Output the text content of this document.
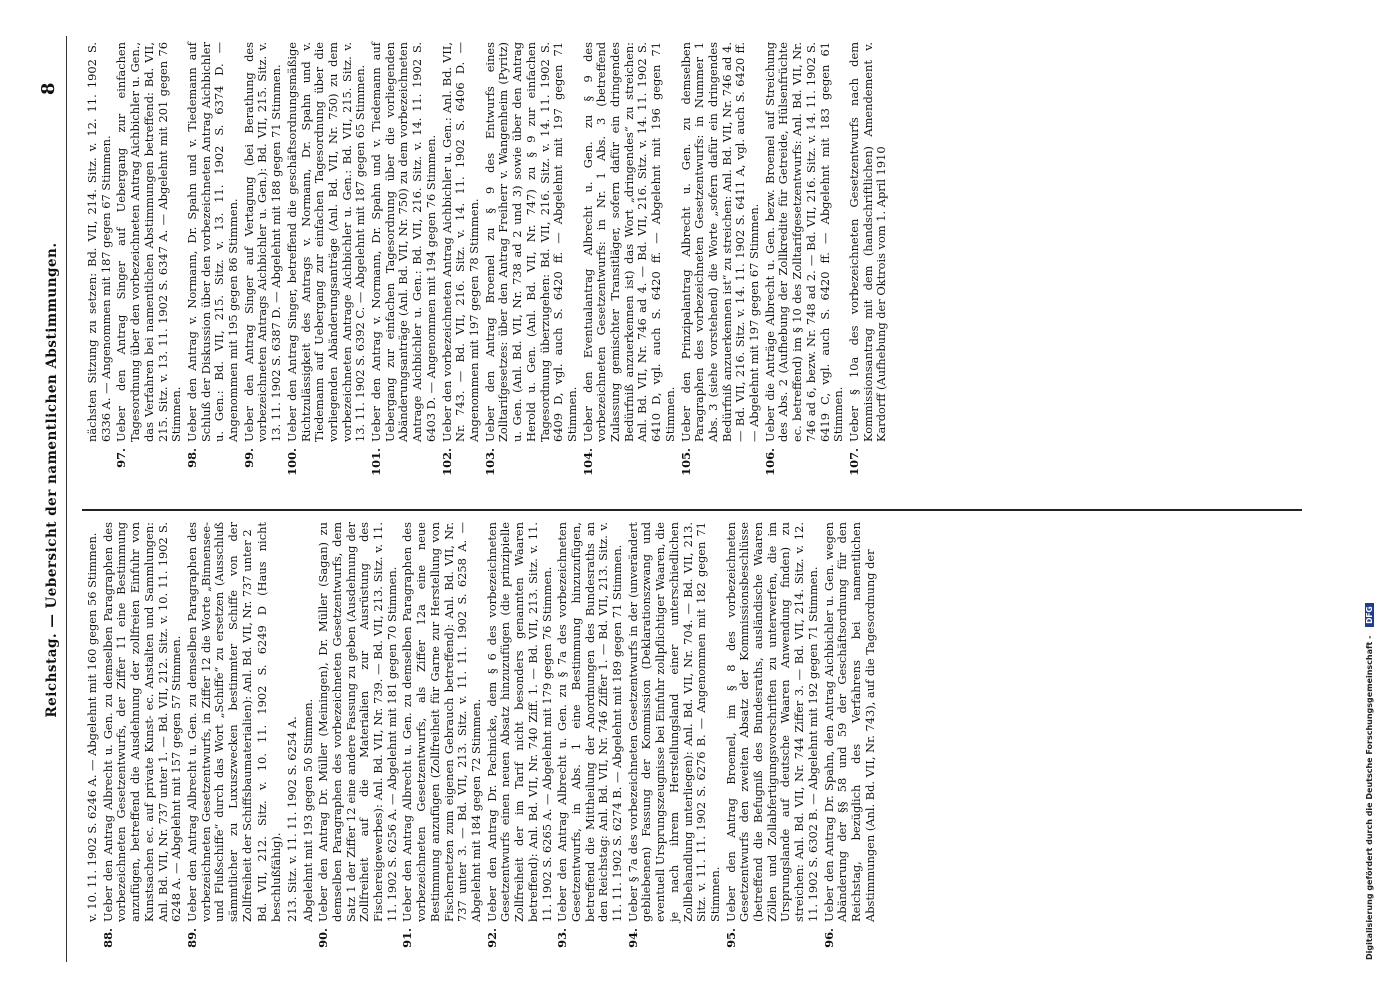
8
Reichstag. — Uebersicht der namentlichen Abstimmungen.
v. 10. 11. 1902 S. 6246 A. — Abgelehnt mit 160 gegen 56 Stimmen.
88.
Ueber den Antrag Albrecht u. Gen. zu demselben Paragraphen des vorbezeichneten Gesetzentwurfs, der Ziffer 11 eine Bestimmung anzufügen, betreffend die Ausdehnung der zollfreien Einfuhr von Kunstsachen ec. auf private Kunst- ec. Anstalten und Sammlungen: Anl. Bd. VII, Nr. 737 unter 1. — Bd. VII, 212. Sitz. v. 10. 11. 1902 S. 6248 A. — Abgelehnt mit 157 gegen 57 Stimmen.
89.
Ueber den Antrag Albrecht u. Gen. zu demselben Paragraphen des vorbezeichneten Gesetzentwurfs, in Ziffer 12 die Worte „Binnensee- und Flußschiffe“ durch das Wort „Schiffe“ zu ersetzen (Ausschluß sämmtlicher zu Luxuszwecken bestimmter Schiffe von der Zollfreiheit der Schiffsbaumaterialien): Anl. Bd. VII, Nr. 737 unter 2 Bd. VII, 212. Sitz. v. 10. 11. 1902 S. 6249 D (Haus nicht beschlußfähig). 213. Sitz. v. 11. 11. 1902 S. 6254 A. Abgelehnt mit 193 gegen 50 Stimmen.
90.
Ueber den Antrag Dr. Müller (Meiningen), Dr. Müller (Sagan) zu demselben Paragraphen des vorbezeichneten Gesetzentwurfs, dem Satz 1 der Ziffer 12 eine andere Fassung zu geben (Ausdehnung der Zollfreiheit auf die Materialien zur Ausrüstung des Fischereigewerbes): Anl. Bd. VII, Nr. 739. — Bd. VII, 213. Sitz. v. 11. 11. 1902 S. 6256 A. — Abgelehnt mit 181 gegen 70 Stimmen.
91.
Ueber den Antrag Albrecht u. Gen. zu demselben Paragraphen des vorbezeichneten Gesetzentwurfs, als Ziffer 12a eine neue Bestimmung anzufügen (Zollfreiheit für Garne zur Herstellung von Fischernetzen zum eigenen Gebrauch betreffend): Anl. Bd. VII, Nr. 737 unter 3. — Bd. VII, 213. Sitz. v. 11. 11. 1902 S. 6258 A. — Abgelehnt mit 184 gegen 72 Stimmen.
92.
Ueber den Antrag Dr. Pachnicke, dem § 6 des vorbezeichneten Gesetzentwurfs einen neuen Absatz hinzuzufügen (die prinzipielle Zollfreiheit der im Tarif nicht besonders genannten Waaren betreffend): Anl. Bd. VII, Nr. 740 Ziff. 1. — Bd. VII, 213. Sitz. v. 11. 11. 1902 S. 6265 A. — Abgelehnt mit 179 gegen 76 Stimmen.
93.
Ueber den Antrag Albrecht u. Gen. zu § 7a des vorbezeichneten Gesetzentwurfs, in Abs. 1 eine Bestimmung hinzuzufügen, betreffend die Mittheilung der Anordnungen des Bundesraths an den Reichstag: Anl. Bd. VII, Nr. 746 Ziffer 1. — Bd. VII, 213. Sitz. v. 11. 11. 1902 S. 6274 B. — Abgelehnt mit 189 gegen 71 Stimmen.
94.
Ueber § 7a des vorbezeichneten Gesetzentwurfs in der (unverändert gebliebenen) Fassung der Kommission (Deklarationszwang und eventuell Ursprungszeugnisse bei Einfuhr zollpflichtiger Waaren, die je nach ihrem Herstellungsland einer unterschiedlichen Zollbehandlung unterliegen): Anl. Bd. VII, Nr. 704. — Bd. VII, 213. Sitz. v. 11. 11. 1902 S. 6276 B. — Angenommen mit 182 gegen 71 Stimmen.
95.
Ueber den Antrag Broemel, im § 8 des vorbezeichneten Gesetzentwurfs den zweiten Absatz der Kommissionsbeschlüsse (betreffend die Befugniß des Bundesraths, ausländische Waaren Zöllen und Zollabfertigungsvorschriften zu unterwerfen, die im Ursprungslande auf deutsche Waaren Anwendung finden) zu streichen: Anl. Bd. VII, Nr. 744 Ziffer 3. — Bd. VII, 214. Sitz. v. 12. 11. 1902 S. 6302 B. — Abgelehnt mit 192 gegen 71 Stimmen.
96.
Ueber den Antrag Dr. Spahn, den Antrag Aichbichler u. Gen. wegen Abänderung der §§ 58 und 59 der Geschäftsordnung für den Reichstag, bezüglich des Verfahrens bei namentlichen Abstimmungen (Anl. Bd. VII, Nr. 743), auf die Tagesordnung der
nächsten Sitzung zu setzen: Bd. VII, 214. Sitz. v. 12. 11. 1902 S. 6336 A. — Angenommen mit 187 gegen 67 Stimmen.
97.
Ueber den Antrag Singer auf Uebergang zur einfachen Tagesordnung über den vorbezeichneten Antrag Aichbichler u. Gen., das Verfahren bei namentlichen Abstimmungen betreffend: Bd. VII, 215. Sitz. v. 13. 11. 1902 S. 6347 A. — Abgelehnt mit 201 gegen 76 Stimmen.
98.
Ueber den Antrag v. Normann, Dr. Spahn und v. Tiedemann auf Schluß der Diskussion über den vorbezeichneten Antrag Aichbichler u. Gen.: Bd. VII, 215. Sitz. v. 13. 11. 1902 S. 6374 D. — Angenommen mit 195 gegen 86 Stimmen.
99.
Ueber den Antrag Singer auf Vertagung (bei Berathung des vorbezeichneten Antrags Aichbichler u. Gen.): Bd. VII, 215. Sitz. v. 13. 11. 1902 S. 6387 D. — Abgelehnt mit 188 gegen 71 Stimmen.
100.
Ueber den Antrag Singer, betreffend die geschäftsordnungsmäßige Richtzulässigkeit des Antrags v. Normann, Dr. Spahn und v. Tiedemann auf Uebergang zur einfachen Tagesordnung über die vorliegenden Abänderungsanträge (Anl. Bd. VII, Nr. 750) zu dem vorbezeichneten Antrage Aichbichler u. Gen.: Bd. VII, 215. Sitz. v. 13. 11. 1902 S. 6392 C. — Abgelehnt mit 187 gegen 65 Stimmen.
101.
Ueber den Antrag v. Normann, Dr. Spahn und v. Tiedemann auf Uebergang zur einfachen Tagesordnung über die vorliegenden Abänderungsanträge (Anl. Bd. VII, Nr. 750) zu dem vorbezeichneten Antrage Aichbichler u. Gen.: Bd. VII, 216. Sitz. v. 14. 11. 1902 S. 6403 D. — Angenommen mit 194 gegen 76 Stimmen.
102.
Ueber den vorbezeichneten Antrag Aichbichler u. Gen.: Anl. Bd. VII, Nr. 743. — Bd. VII, 216. Sitz. v. 14. 11. 1902 S. 6406 D. — Angenommen mit 197 gegen 78 Stimmen.
103.
Ueber den Antrag Broemel zu § 9 des Entwurfs eines Zolltarifgesetzes: über den Antrag Freiherr v. Wangenheim (Pyritz) u. Gen. (Anl. Bd. VII, Nr. 738 ad 2 und 3) sowie über den Antrag Herold u. Gen. (Anl. Bd. VII, Nr. 747) zu § 9 zur einfachen Tagesordnung überzugehen: Bd. VII, 216. Sitz. v. 14. 11. 1902 S. 6409 D, vgl. auch S. 6420 ff. — Abgelehnt mit 197 gegen 71 Stimmen.
104.
Ueber den Eventualantrag Albrecht u. Gen. zu § 9 des vorbezeichneten Gesetzentwurfs: in Nr. 1 Abs. 3 (betreffend Zulassung gemischter Transitläger, sofern dafür ein dringendes Bedürfniß anzuerkennen ist) das Wort „dringendes“ zu streichen: Anl. Bd. VII, Nr. 746 ad 4. — Bd. VII, 216. Sitz. v. 14. 11. 1902 S. 6410 D, vgl. auch S. 6420 ff. — Abgelehnt mit 196 gegen 71 Stimmen.
105.
Ueber den Prinzipalantrag Albrecht u. Gen. zu demselben Paragraphen des vorbezeichneten Gesetzentwurfs: in Nummer 1 Abs. 3 (siehe vorstehend) die Worte „sofern dafür ein dringendes Bedürfniß anzuerkennen ist“ zu streichen: Anl. Bd. VII, Nr. 746 ad 4. — Bd. VII, 216. Sitz. v. 14. 11. 1902 S. 6411 A, vgl. auch S. 6420 ff. — Abgelehnt mit 197 gegen 67 Stimmen.
106.
Ueber die Anträge Albrecht u. Gen. bezw. Broemel auf Streichung des Abs. 2 (Aufhebung der Zollkredite für Getreide, Hülsenfrüchte ec. betreffend) im § 10 des Zolltarifgesetzentwurfs: Anl. Bd. VII, Nr. 746 ad 6, bezw. Nr. 748 ad 2. — Bd. VII, 216. Sitz. v. 14. 11. 1902 S. 6419 C, vgl. auch S. 6420 ff. — Abgelehnt mit 183 gegen 61 Stimmen.
107.
Ueber § 10a des vorbezeichneten Gesetzentwurfs nach dem Kommissionsantrag mit dem (handschriftlichen) Amendement v. Kardorff (Aufhebung der Oktrois vom 1. April 1910
Digitalisierung gefördert durch die Deutsche Forschungsgemeinschaft - DFG
